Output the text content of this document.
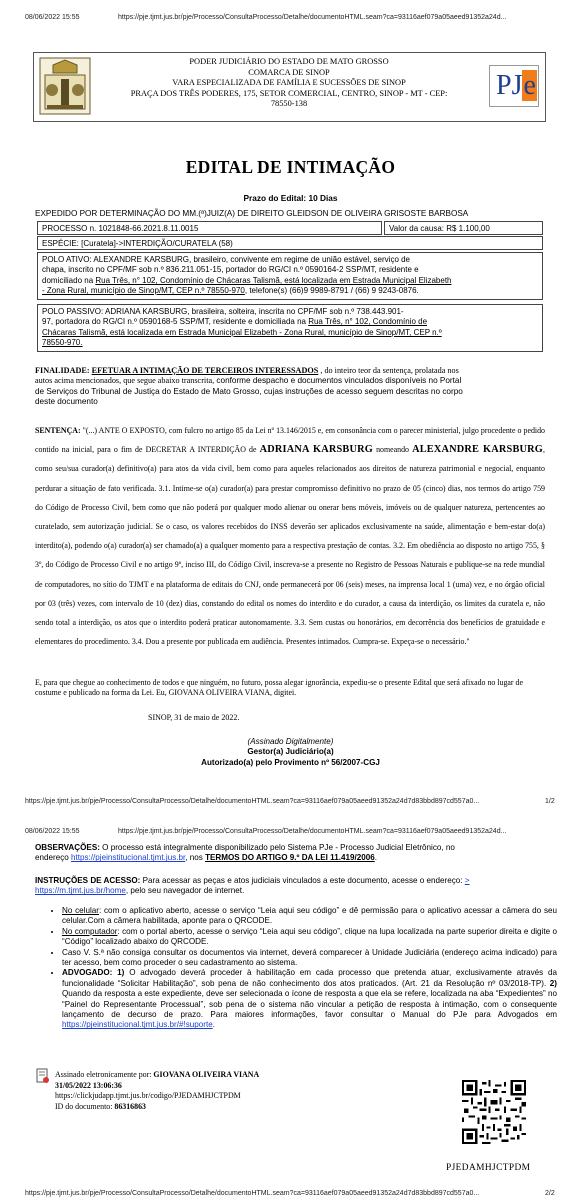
08/06/2022 15:55	https://pje.tjmt.jus.br/pje/Processo/ConsultaProcesso/Detalhe/documentoHTML.seam?ca=93116aef079a05aeed91352a24d...
PODER JUDICIÁRIO DO ESTADO DE MATO GROSSO
COMARCA DE SINOP
VARA ESPECIALIZADA DE FAMÍLIA E SUCESSÕES DE SINOP
PRAÇA DOS TRÊS PODERES, 175, SETOR COMERCIAL, CENTRO, SINOP - MT - CEP:
78550-138
PJe
EDITAL DE INTIMAÇÃO
Prazo do Edital: 10 Dias
EXPEDIDO POR DETERMINAÇÃO DO MM.(ª)JUIZ(A) DE DIREITO GLEIDSON DE OLIVEIRA GRISOSTE BARBOSA
PROCESSO n. 1021848-66.2021.8.11.0015	Valor da causa: R$ 1.100,00
ESPÉCIE: [Curatela]->INTERDIÇÃO/CURATELA (58)
POLO ATIVO: ALEXANDRE KARSBURG, brasileiro, convivente em regime de união estável, serviço de
chapa, inscrito no CPF/MF sob n.º 836.211.051-15, portador do RG/CI n.º 0590164-2 SSP/MT, residente e
domiciliado na Rua Três, n° 102, Condomínio de Chácaras Talismã, está localizada em Estrada Municipal Elizabeth
- Zona Rural, município de Sinop/MT, CEP n.º 78550-970, telefone(s) (66)9 9989-8791 / (66) 9 9243-0876.
POLO PASSIVO: ADRIANA KARSBURG, brasileira, solteira, inscrita no CPF/MF sob n.º 738.443.901-
97, portadora do RG/CI n.º 0590168-5 SSP/MT, residente e domiciliada na Rua Três, n° 102, Condomínio de
Chácaras Talismã, está localizada em Estrada Municipal Elizabeth - Zona Rural, município de Sinop/MT, CEP n.º
78550-970.
FINALIDADE: EFETUAR A INTIMAÇÃO DE TERCEIROS INTERESSADOS , do inteiro teor da sentença, prolatada nos
autos acima mencionados, que segue abaixo transcrita, conforme despacho e documentos vinculados disponíveis no Portal
de Serviços do Tribunal de Justiça do Estado de Mato Grosso, cujas instruções de acesso seguem descritas no corpo
deste documento
SENTENÇA: "(...) ANTE O EXPOSTO, com fulcro no artigo 85 da Lei nº 13.146/2015 e, em consonância com o parecer ministerial, julgo procedente o pedido contido na inicial, para o fim de DECRETAR A INTERDIÇÃO de ADRIANA KARSBURG nomeando ALEXANDRE KARSBURG, como seu/sua curador(a) definitivo(a) para atos da vida civil, bem como para aqueles relacionados aos direitos de natureza patrimonial e negocial, enquanto perdurar a situação de fato verificada. 3.1. Intime-se o(a) curador(a) para prestar compromisso definitivo no prazo de 05 (cinco) dias, nos termos do artigo 759 do Código de Processo Civil, bem como que não poderá por qualquer modo alienar ou onerar bens móveis, imóveis ou de qualquer natureza, pertencentes ao curatelado, sem autorização judicial. Se o caso, os valores recebidos do INSS deverão ser aplicados exclusivamente na saúde, alimentação e bem-estar do(a) interdito(a), podendo o(a) curador(a) ser chamado(a) a qualquer momento para a respectiva prestação de contas. 3.2. Em obediência ao disposto no artigo 755, § 3º, do Código de Processo Civil e no artigo 9º, inciso III, do Código Civil, inscreva-se a presente no Registro de Pessoas Naturais e publique-se na rede mundial de computadores, no sítio do TJMT e na plataforma de editais do CNJ, onde permanecerá por 06 (seis) meses, na imprensa local 1 (uma) vez, e no órgão oficial por 03 (três) vezes, com intervalo de 10 (dez) dias, constando do edital os nomes do interdito e do curador, a causa da interdição, os limites da curatela e, não sendo total a interdição, os atos que o interdito poderá praticar autonomamente. 3.3. Sem custas ou honorários, em decorrência dos benefícios de gratuidade e elementares do procedimento. 3.4. Dou a presente por publicada em audiência. Presentes intimados. Cumpra-se. Expeça-se o necessário."
E, para que chegue ao conhecimento de todos e que ninguém, no futuro, possa alegar ignorância, expediu-se o presente Edital que será afixado no lugar de costume e publicado na forma da Lei. Eu, GIOVANA OLIVEIRA VIANA, digitei.
SINOP, 31 de maio de 2022.
(Assinado Digitalmente)
Gestor(a) Judiciário(a)
Autorizado(a) pelo Provimento nº 56/2007-CGJ
https://pje.tjmt.jus.br/pje/Processo/ConsultaProcesso/Detalhe/documentoHTML.seam?ca=93116aef079a05aeed91352a24d7d83bbd897cd557a0...	1/2
08/06/2022 15:55	https://pje.tjmt.jus.br/pje/Processo/ConsultaProcesso/Detalhe/documentoHTML.seam?ca=93116aef079a05aeed91352a24d...
OBSERVAÇÕES: O processo está integralmente disponibilizado pelo Sistema PJe - Processo Judicial Eletrônico, no
endereço https://pjeinstitucional.tjmt.jus.br, nos TERMOS DO ARTIGO 9.º DA LEI 11.419/2006.
INSTRUÇÕES DE ACESSO: Para acessar as peças e atos judiciais vinculados a este documento, acesse o endereço: >
https://m.tjmt.jus.br/home, pelo seu navegador de internet.
• No celular: com o aplicativo aberto, acesse o serviço “Leia aqui seu código” e dê permissão para o aplicativo acessar a câmera do seu celular.Com a câmera habilitada, aponte para o QRCODE.
• No computador: com o portal aberto, acesse o serviço “Leia aqui seu código”, clique na lupa localizada na parte superior direita e digite o “Código” localizado abaixo do QRCODE.
• Caso V. S.ª não consiga consultar os documentos via internet, deverá comparecer à Unidade Judiciária (endereço acima indicado) para ter acesso, bem como proceder o seu cadastramento ao sistema.
• ADVOGADO: 1) O advogado deverá proceder à habilitação em cada processo que pretenda atuar, exclusivamente através da funcionalidade “Solicitar Habilitação”, sob pena de não conhecimento dos atos praticados. (Art. 21 da Resolução nº 03/2018-TP). 2) Quando da resposta a este expediente, deve ser selecionada o ícone de resposta a que ela se refere, localizada na aba “Expedientes” no “Painel do Representante Processual”, sob pena de o sistema não vincular a petição de resposta à intimação, com o consequente lançamento de decurso de prazo. Para maiores informações, favor consultar o Manual do PJe para Advogados em https://pjeinstitucional.tjmt.jus.br/#!suporte.
Assinado eletronicamente por: GIOVANA OLIVEIRA VIANA
31/05/2022 13:06:36
https://clickjudapp.tjmt.jus.br/codigo/PJEDAMHJCTPDM
ID do documento: 86316863
PJEDAMHJCTPDM
https://pje.tjmt.jus.br/pje/Processo/ConsultaProcesso/Detalhe/documentoHTML.seam?ca=93116aef079a05aeed91352a24d7d83bbd897cd557a0...	2/2
